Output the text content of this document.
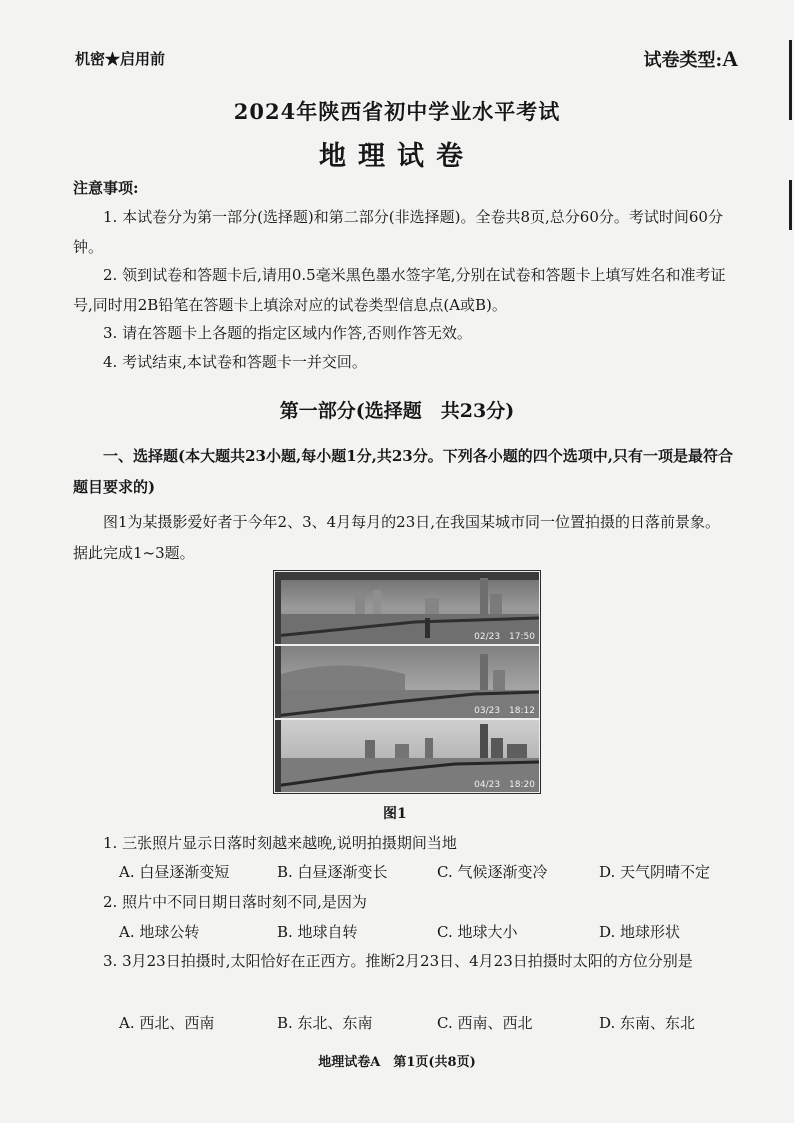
机密★启用前	试卷类型:A
2024年陕西省初中学业水平考试
地理试卷
注意事项:
1. 本试卷分为第一部分(选择题)和第二部分(非选择题)。全卷共8页,总分60分。考试时间60分钟。
2. 领到试卷和答题卡后,请用0.5毫米黑色墨水签字笔,分别在试卷和答题卡上填写姓名和准考证号,同时用2B铅笔在答题卡上填涂对应的试卷类型信息点(A或B)。
3. 请在答题卡上各题的指定区域内作答,否则作答无效。
4. 考试结束,本试卷和答题卡一并交回。
第一部分(选择题　共23分)
一、选择题(本大题共23小题,每小题1分,共23分。下列各小题的四个选项中,只有一项是最符合题目要求的)
图1为某摄影爱好者于今年2、3、4月每月的23日,在我国某城市同一位置拍摄的日落前景象。据此完成1~3题。
02/23　17:50
03/23　18:12
04/23　18:20
图1
1. 三张照片显示日落时刻越来越晚,说明拍摄期间当地
A. 白昼逐渐变短	B. 白昼逐渐变长	C. 气候逐渐变冷	D. 天气阴晴不定
2. 照片中不同日期日落时刻不同,是因为
A. 地球公转	B. 地球自转	C. 地球大小	D. 地球形状
3. 3月23日拍摄时,太阳恰好在正西方。推断2月23日、4月23日拍摄时太阳的方位分别是
A. 西北、西南	B. 东北、东南	C. 西南、西北	D. 东南、东北
地理试卷A　第1页(共8页)
